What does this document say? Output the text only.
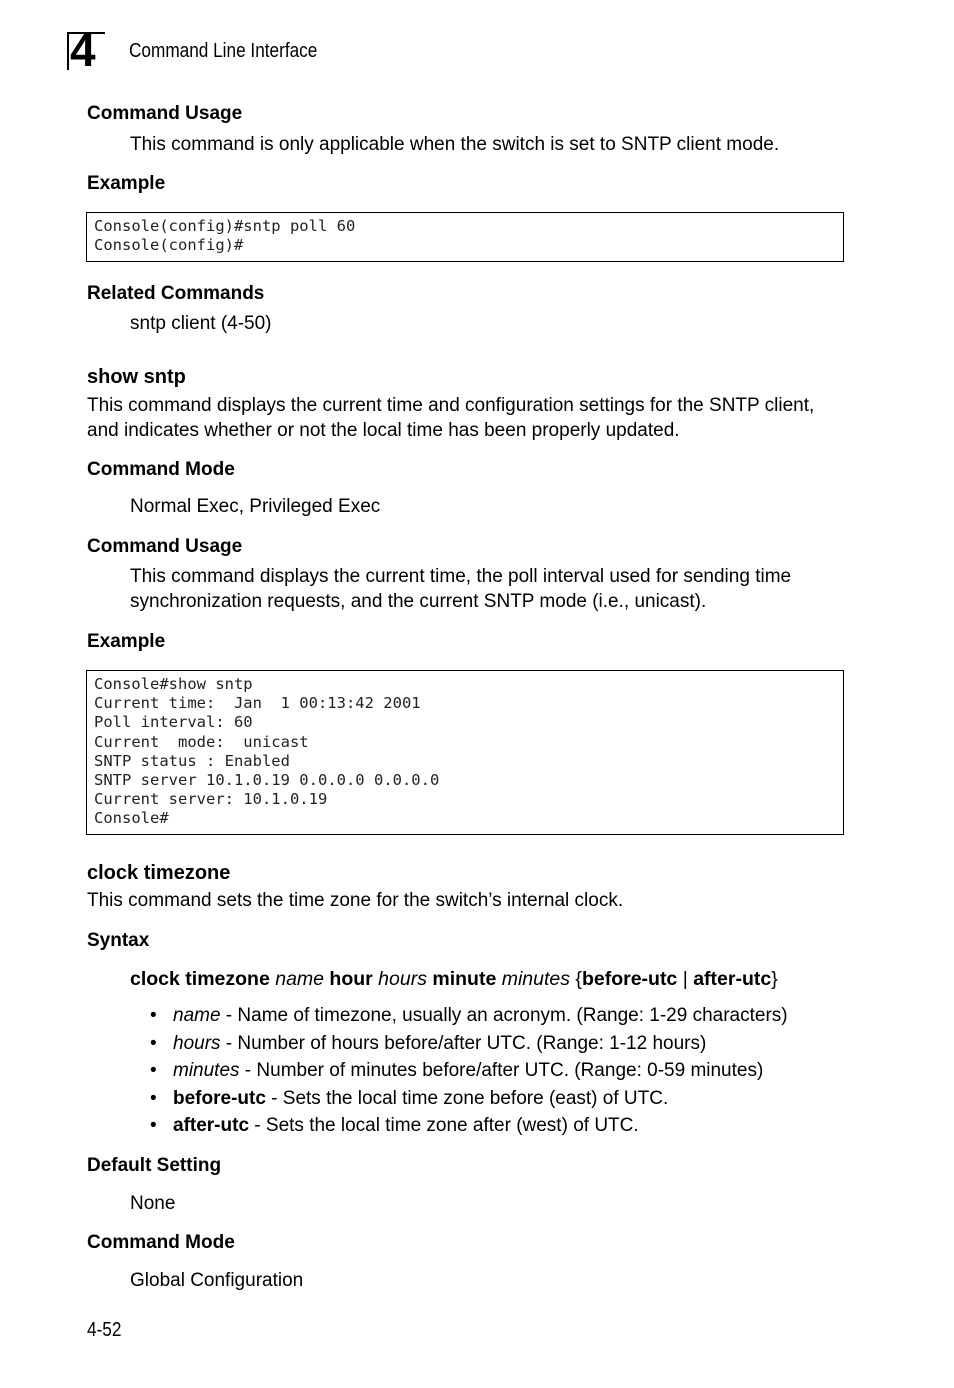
4 Command Line Interface
Command Usage
This command is only applicable when the switch is set to SNTP client mode.
Example
Console(config)#sntp poll 60
Console(config)#
Related Commands
sntp client (4-50)
show sntp
This command displays the current time and configuration settings for the SNTP client, and indicates whether or not the local time has been properly updated.
Command Mode
Normal Exec, Privileged Exec
Command Usage
This command displays the current time, the poll interval used for sending time synchronization requests, and the current SNTP mode (i.e., unicast).
Example
Console#show sntp
Current time:  Jan  1 00:13:42 2001
Poll interval: 60
Current  mode:  unicast
SNTP status : Enabled
SNTP server 10.1.0.19 0.0.0.0 0.0.0.0
Current server: 10.1.0.19
Console#
clock timezone
This command sets the time zone for the switch’s internal clock.
Syntax
clock timezone name hour hours minute minutes {before-utc | after-utc}
• name - Name of timezone, usually an acronym. (Range: 1-29 characters)
• hours - Number of hours before/after UTC. (Range: 1-12 hours)
• minutes - Number of minutes before/after UTC. (Range: 0-59 minutes)
• before-utc - Sets the local time zone before (east) of UTC.
• after-utc - Sets the local time zone after (west) of UTC.
Default Setting
None
Command Mode
Global Configuration
4-52
